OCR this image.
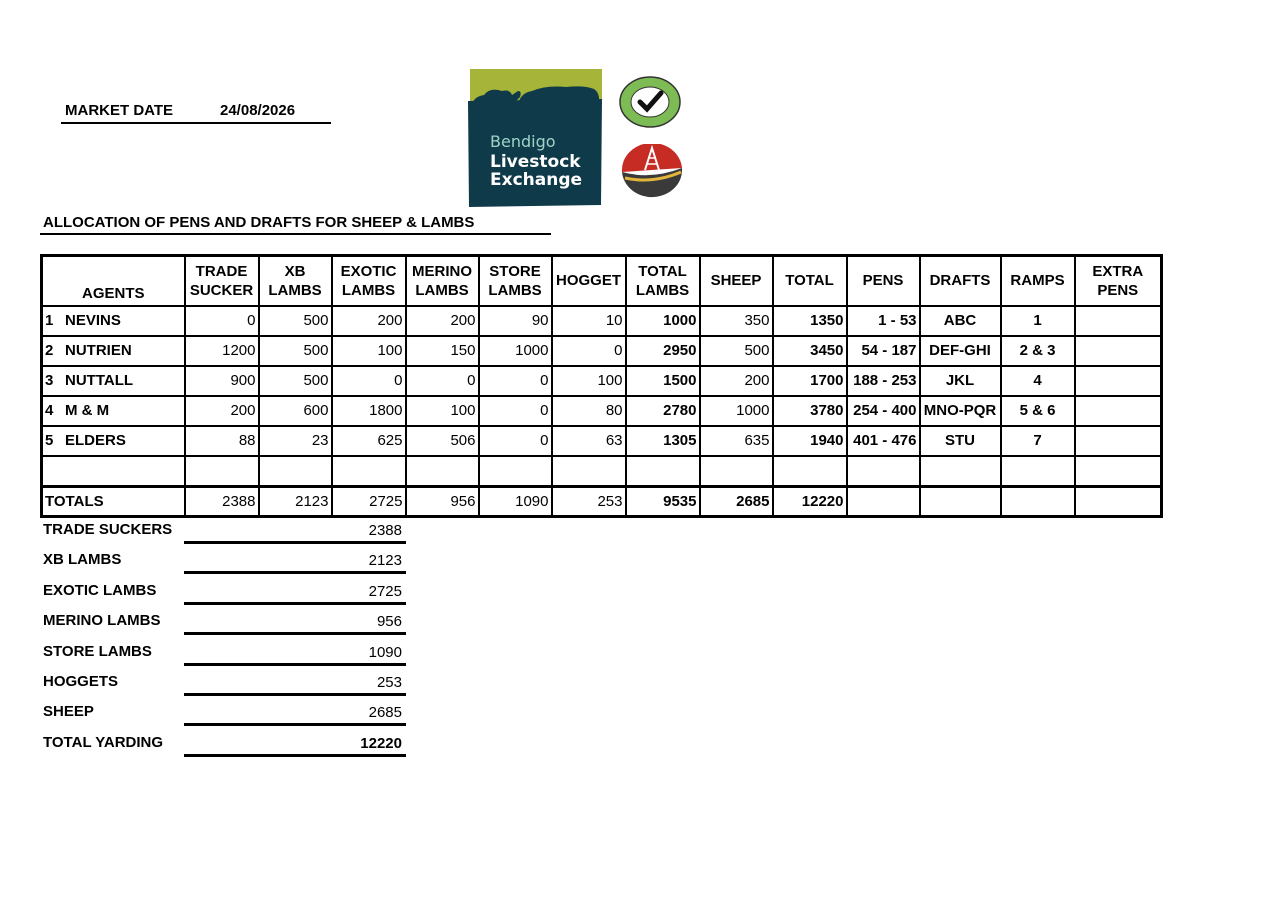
MARKET DATE	24/08/2026
Bendigo
Livestock
Exchange
ALLOCATION OF PENS AND DRAFTS FOR SHEEP & LAMBS
AGENTS	TRADE SUCKER	XB LAMBS	EXOTIC LAMBS	MERINO LAMBS	STORE LAMBS	HOGGET	TOTAL LAMBS	SHEEP	TOTAL	PENS	DRAFTS	RAMPS	EXTRA PENS
1 NEVINS	0	500	200	200	90	10	1000	350	1350	1 - 53	ABC	1	
2 NUTRIEN	1200	500	100	150	1000	0	2950	500	3450	54 - 187	DEF-GHI	2 & 3	
3 NUTTALL	900	500	0	0	0	100	1500	200	1700	188 - 253	JKL	4	
4 M & M	200	600	1800	100	0	80	2780	1000	3780	254 - 400	MNO-PQR	5 & 6	
5 ELDERS	88	23	625	506	0	63	1305	635	1940	401 - 476	STU	7	

TOTALS	2388	2123	2725	956	1090	253	9535	2685	12220				
TRADE SUCKERS	2388
XB LAMBS	2123
EXOTIC LAMBS	2725
MERINO LAMBS	956
STORE LAMBS	1090
HOGGETS	253
SHEEP	2685
TOTAL YARDING	12220
